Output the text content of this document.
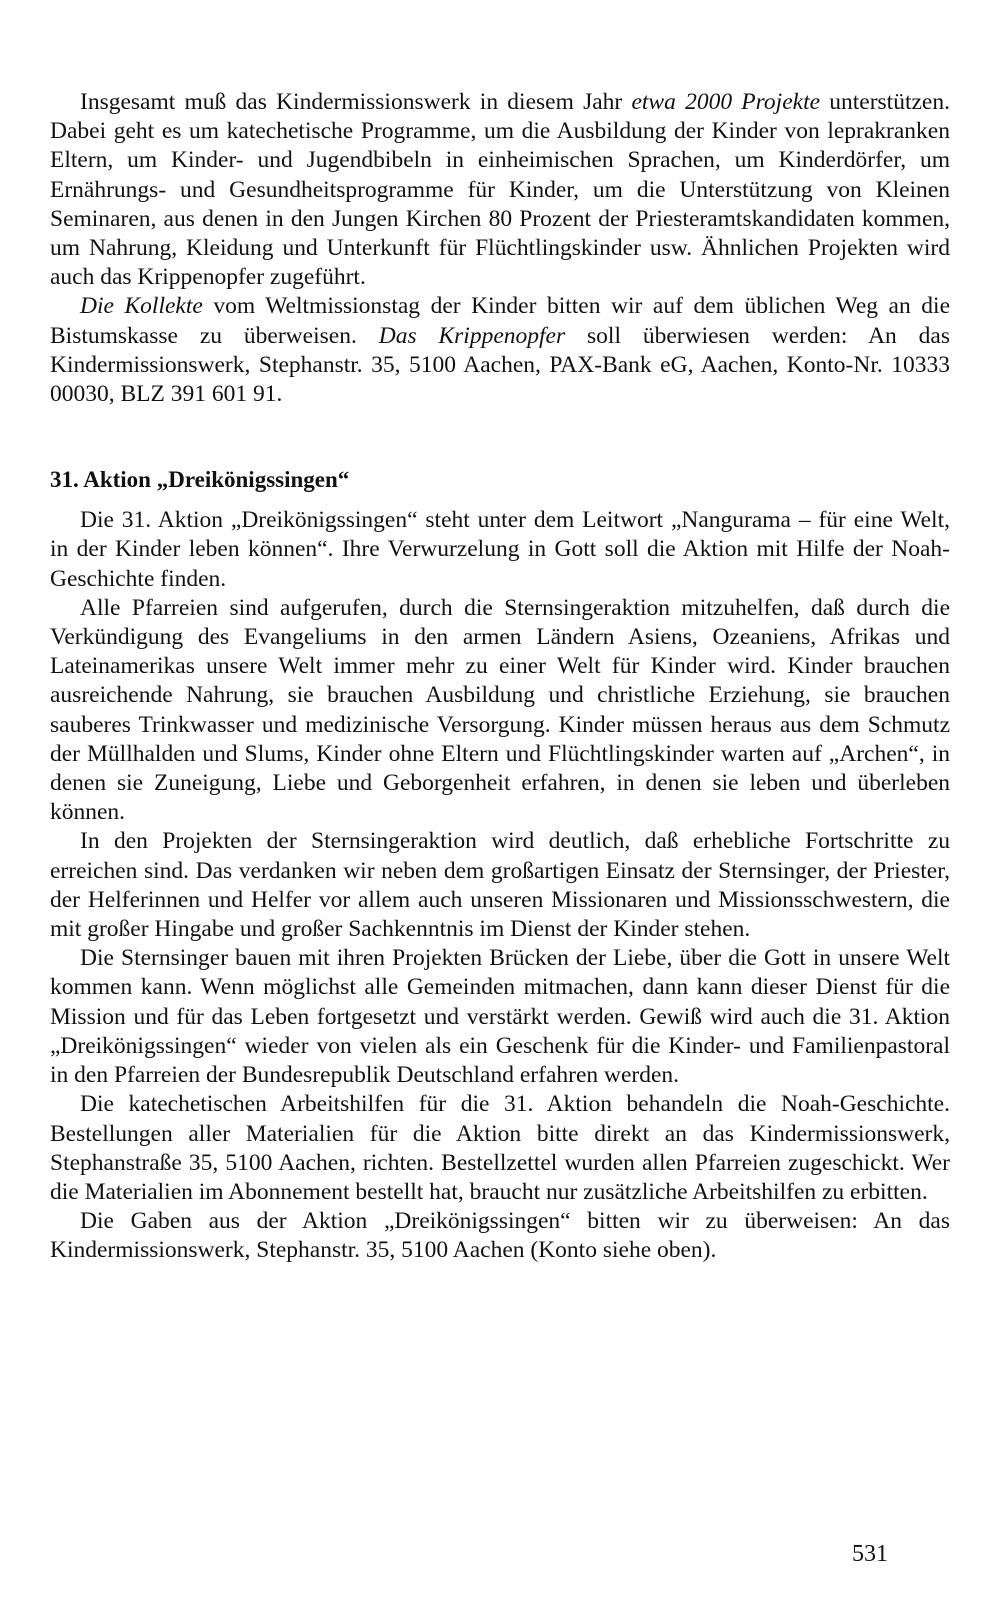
Insgesamt muß das Kindermissionswerk in diesem Jahr etwa 2000 Projekte unterstützen. Dabei geht es um katechetische Programme, um die Ausbildung der Kinder von leprakranken Eltern, um Kinder- und Jugendbibeln in einheimischen Sprachen, um Kinderdörfer, um Ernährungs- und Gesundheitsprogramme für Kinder, um die Unterstützung von Kleinen Seminaren, aus denen in den Jungen Kirchen 80 Prozent der Priesteramtskandidaten kommen, um Nahrung, Kleidung und Unterkunft für Flüchtlingskinder usw. Ähnlichen Projekten wird auch das Krippenopfer zugeführt.

Die Kollekte vom Weltmissionstag der Kinder bitten wir auf dem üblichen Weg an die Bistumskasse zu überweisen. Das Krippenopfer soll überwiesen werden: An das Kindermissionswerk, Stephanstr. 35, 5100 Aachen, PAX-Bank eG, Aachen, Konto-Nr. 10333 00030, BLZ 391 601 91.

31. Aktion „Dreikönigssingen“

Die 31. Aktion „Dreikönigssingen“ steht unter dem Leitwort „Nangurama – für eine Welt, in der Kinder leben können“. Ihre Verwurzelung in Gott soll die Aktion mit Hilfe der Noah-Geschichte finden.

Alle Pfarreien sind aufgerufen, durch die Sternsingeraktion mitzuhelfen, daß durch die Verkündigung des Evangeliums in den armen Ländern Asiens, Ozeaniens, Afrikas und Lateinamerikas unsere Welt immer mehr zu einer Welt für Kinder wird. Kinder brauchen ausreichende Nahrung, sie brauchen Ausbildung und christliche Erziehung, sie brauchen sauberes Trinkwasser und medizinische Versorgung. Kinder müssen heraus aus dem Schmutz der Müllhalden und Slums, Kinder ohne Eltern und Flüchtlingskinder warten auf „Archen“, in denen sie Zuneigung, Liebe und Geborgenheit erfahren, in denen sie leben und überleben können.

In den Projekten der Sternsingeraktion wird deutlich, daß erhebliche Fortschritte zu erreichen sind. Das verdanken wir neben dem großartigen Einsatz der Sternsinger, der Priester, der Helferinnen und Helfer vor allem auch unseren Missionaren und Missionsschwestern, die mit großer Hingabe und großer Sachkenntnis im Dienst der Kinder stehen.

Die Sternsinger bauen mit ihren Projekten Brücken der Liebe, über die Gott in unsere Welt kommen kann. Wenn möglichst alle Gemeinden mitmachen, dann kann dieser Dienst für die Mission und für das Leben fortgesetzt und verstärkt werden. Gewiß wird auch die 31. Aktion „Dreikönigssingen“ wieder von vielen als ein Geschenk für die Kinder- und Familienpastoral in den Pfarreien der Bundesrepublik Deutschland erfahren werden.

Die katechetischen Arbeitshilfen für die 31. Aktion behandeln die Noah-Geschichte. Bestellungen aller Materialien für die Aktion bitte direkt an das Kindermissionswerk, Stephanstraße 35, 5100 Aachen, richten. Bestellzettel wurden allen Pfarreien zugeschickt. Wer die Materialien im Abonnement bestellt hat, braucht nur zusätzliche Arbeitshilfen zu erbitten.

Die Gaben aus der Aktion „Dreikönigssingen“ bitten wir zu überweisen: An das Kindermissionswerk, Stephanstr. 35, 5100 Aachen (Konto siehe oben).

531
